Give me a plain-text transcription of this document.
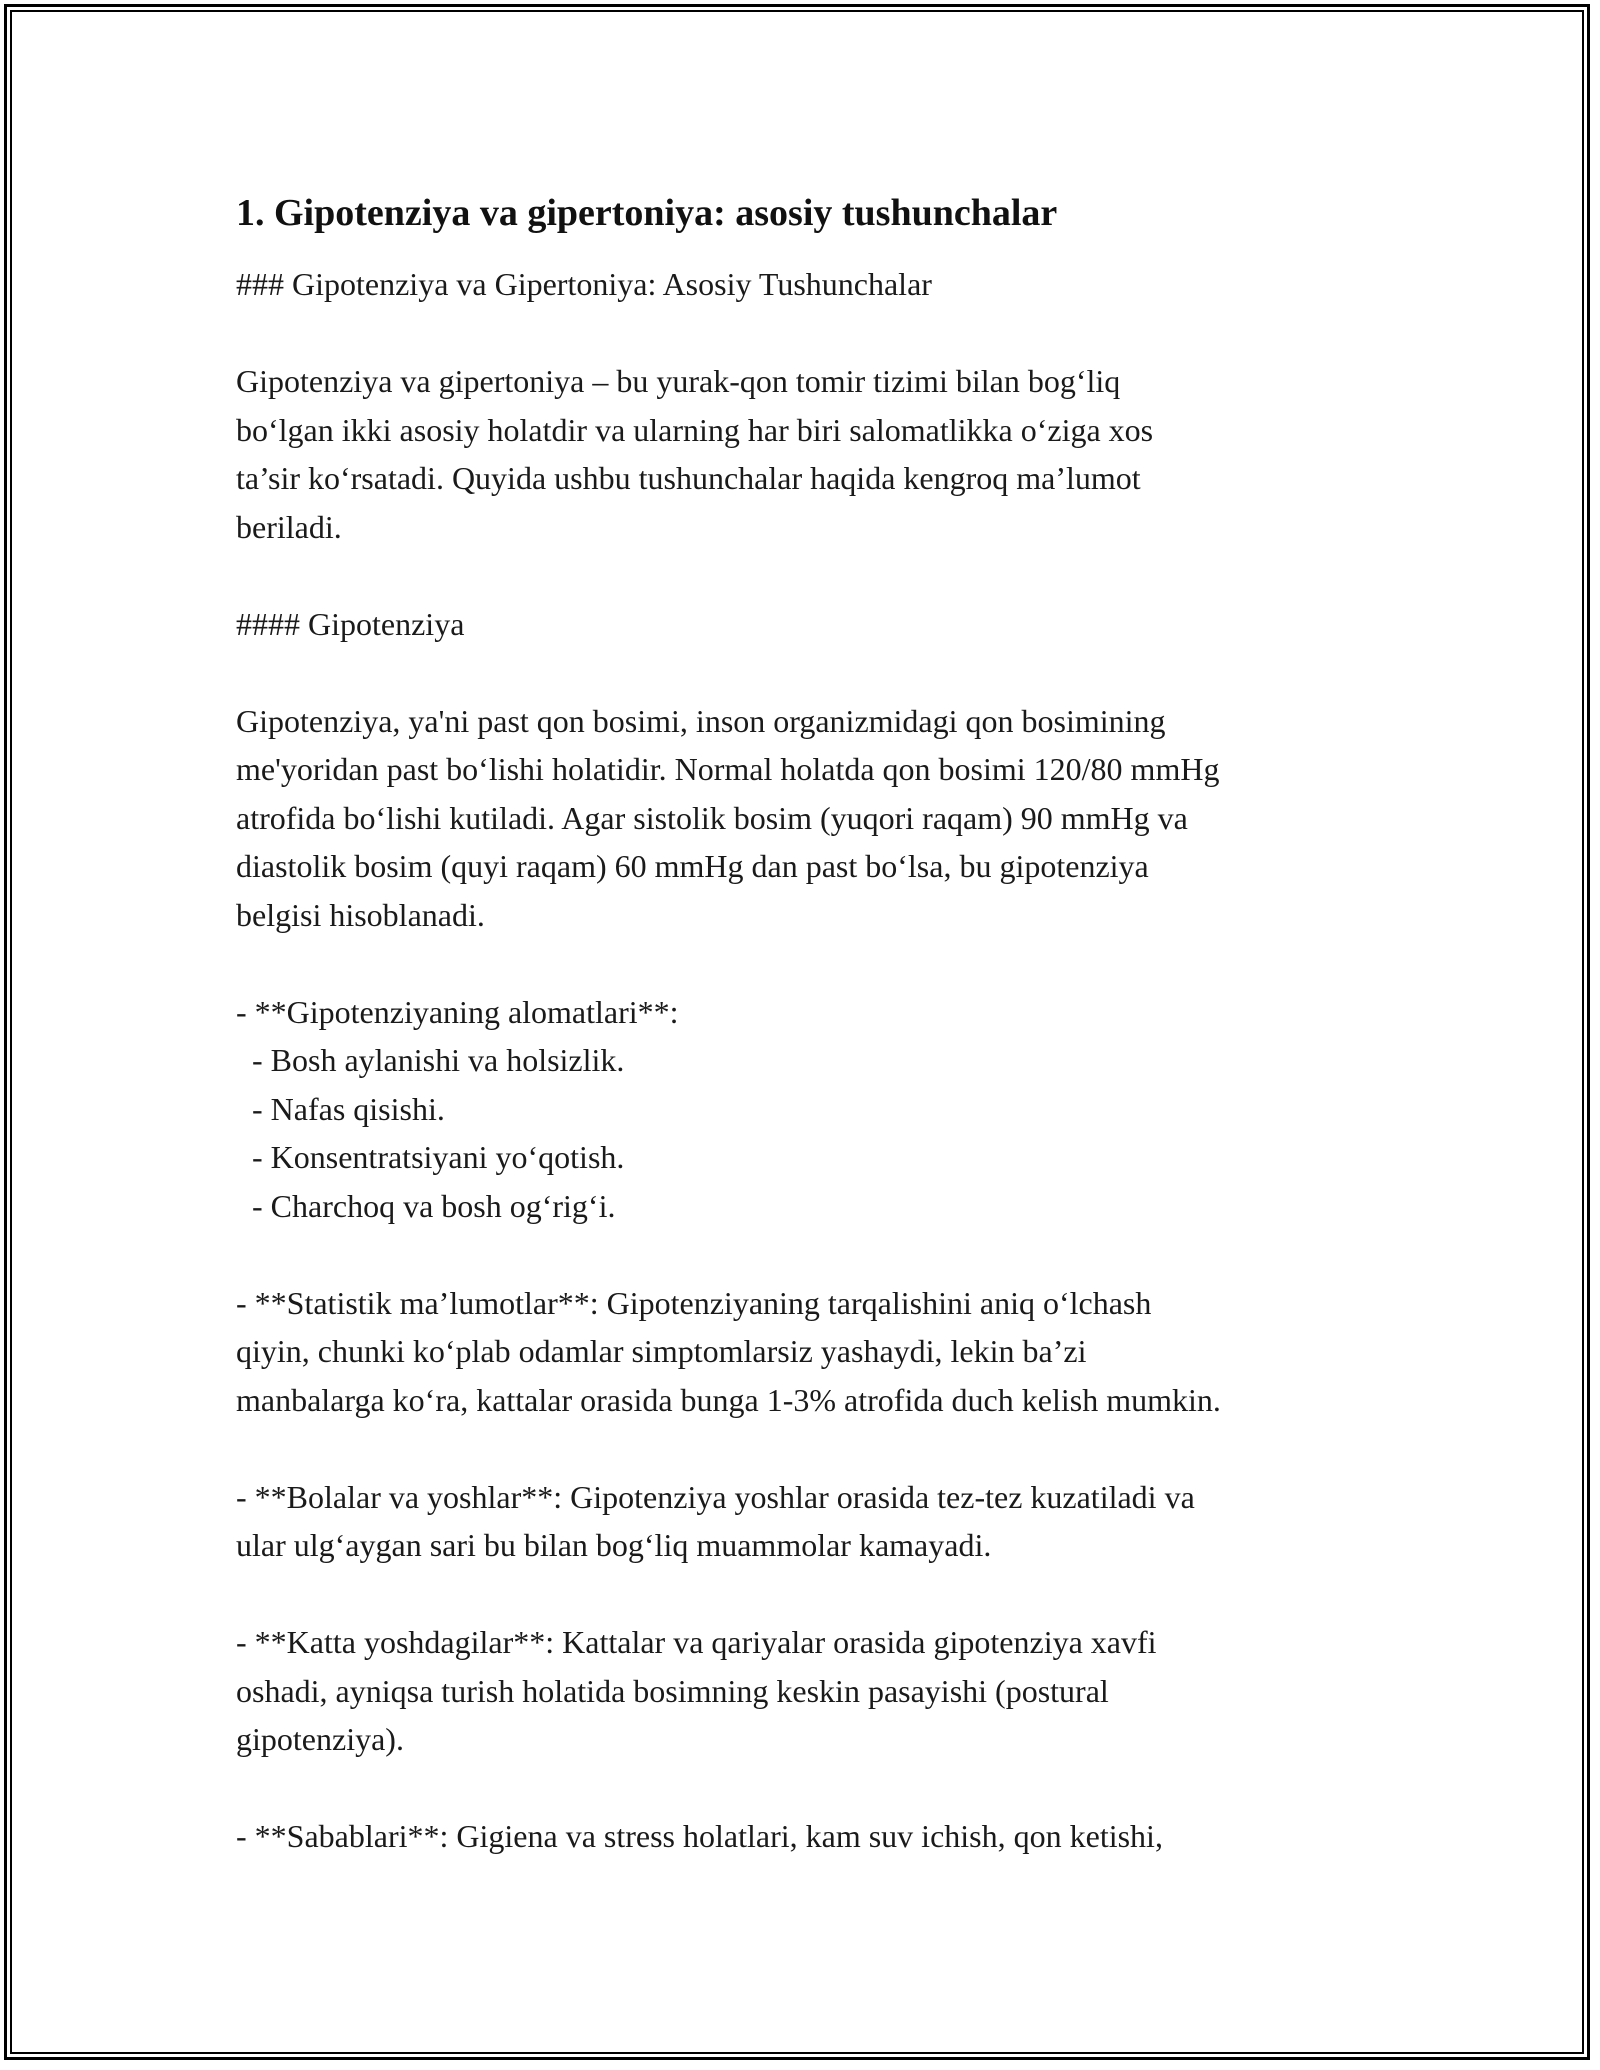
1. Gipotenziya va gipertoniya: asosiy tushunchalar
### Gipotenziya va Gipertoniya: Asosiy Tushunchalar
Gipotenziya va gipertoniya – bu yurak-qon tomir tizimi bilan bog‘liq
bo‘lgan ikki asosiy holatdir va ularning har biri salomatlikka o‘ziga xos
ta’sir ko‘rsatadi. Quyida ushbu tushunchalar haqida kengroq ma’lumot
beriladi.
#### Gipotenziya
Gipotenziya, ya'ni past qon bosimi, inson organizmidagi qon bosimining
me'yoridan past bo‘lishi holatidir. Normal holatda qon bosimi 120/80 mmHg
atrofida bo‘lishi kutiladi. Agar sistolik bosim (yuqori raqam) 90 mmHg va
diastolik bosim (quyi raqam) 60 mmHg dan past bo‘lsa, bu gipotenziya
belgisi hisoblanadi.
- **Gipotenziyaning alomatlari**:
- Bosh aylanishi va holsizlik.
- Nafas qisishi.
- Konsentratsiyani yo‘qotish.
- Charchoq va bosh og‘rig‘i.
- **Statistik ma’lumotlar**: Gipotenziyaning tarqalishini aniq o‘lchash
qiyin, chunki ko‘plab odamlar simptomlarsiz yashaydi, lekin ba’zi
manbalarga ko‘ra, kattalar orasida bunga 1-3% atrofida duch kelish mumkin.
- **Bolalar va yoshlar**: Gipotenziya yoshlar orasida tez-tez kuzatiladi va
ular ulg‘aygan sari bu bilan bog‘liq muammolar kamayadi.
- **Katta yoshdagilar**: Kattalar va qariyalar orasida gipotenziya xavfi
oshadi, ayniqsa turish holatida bosimning keskin pasayishi (postural
gipotenziya).
- **Sabablari**: Gigiena va stress holatlari, kam suv ichish, qon ketishi,
